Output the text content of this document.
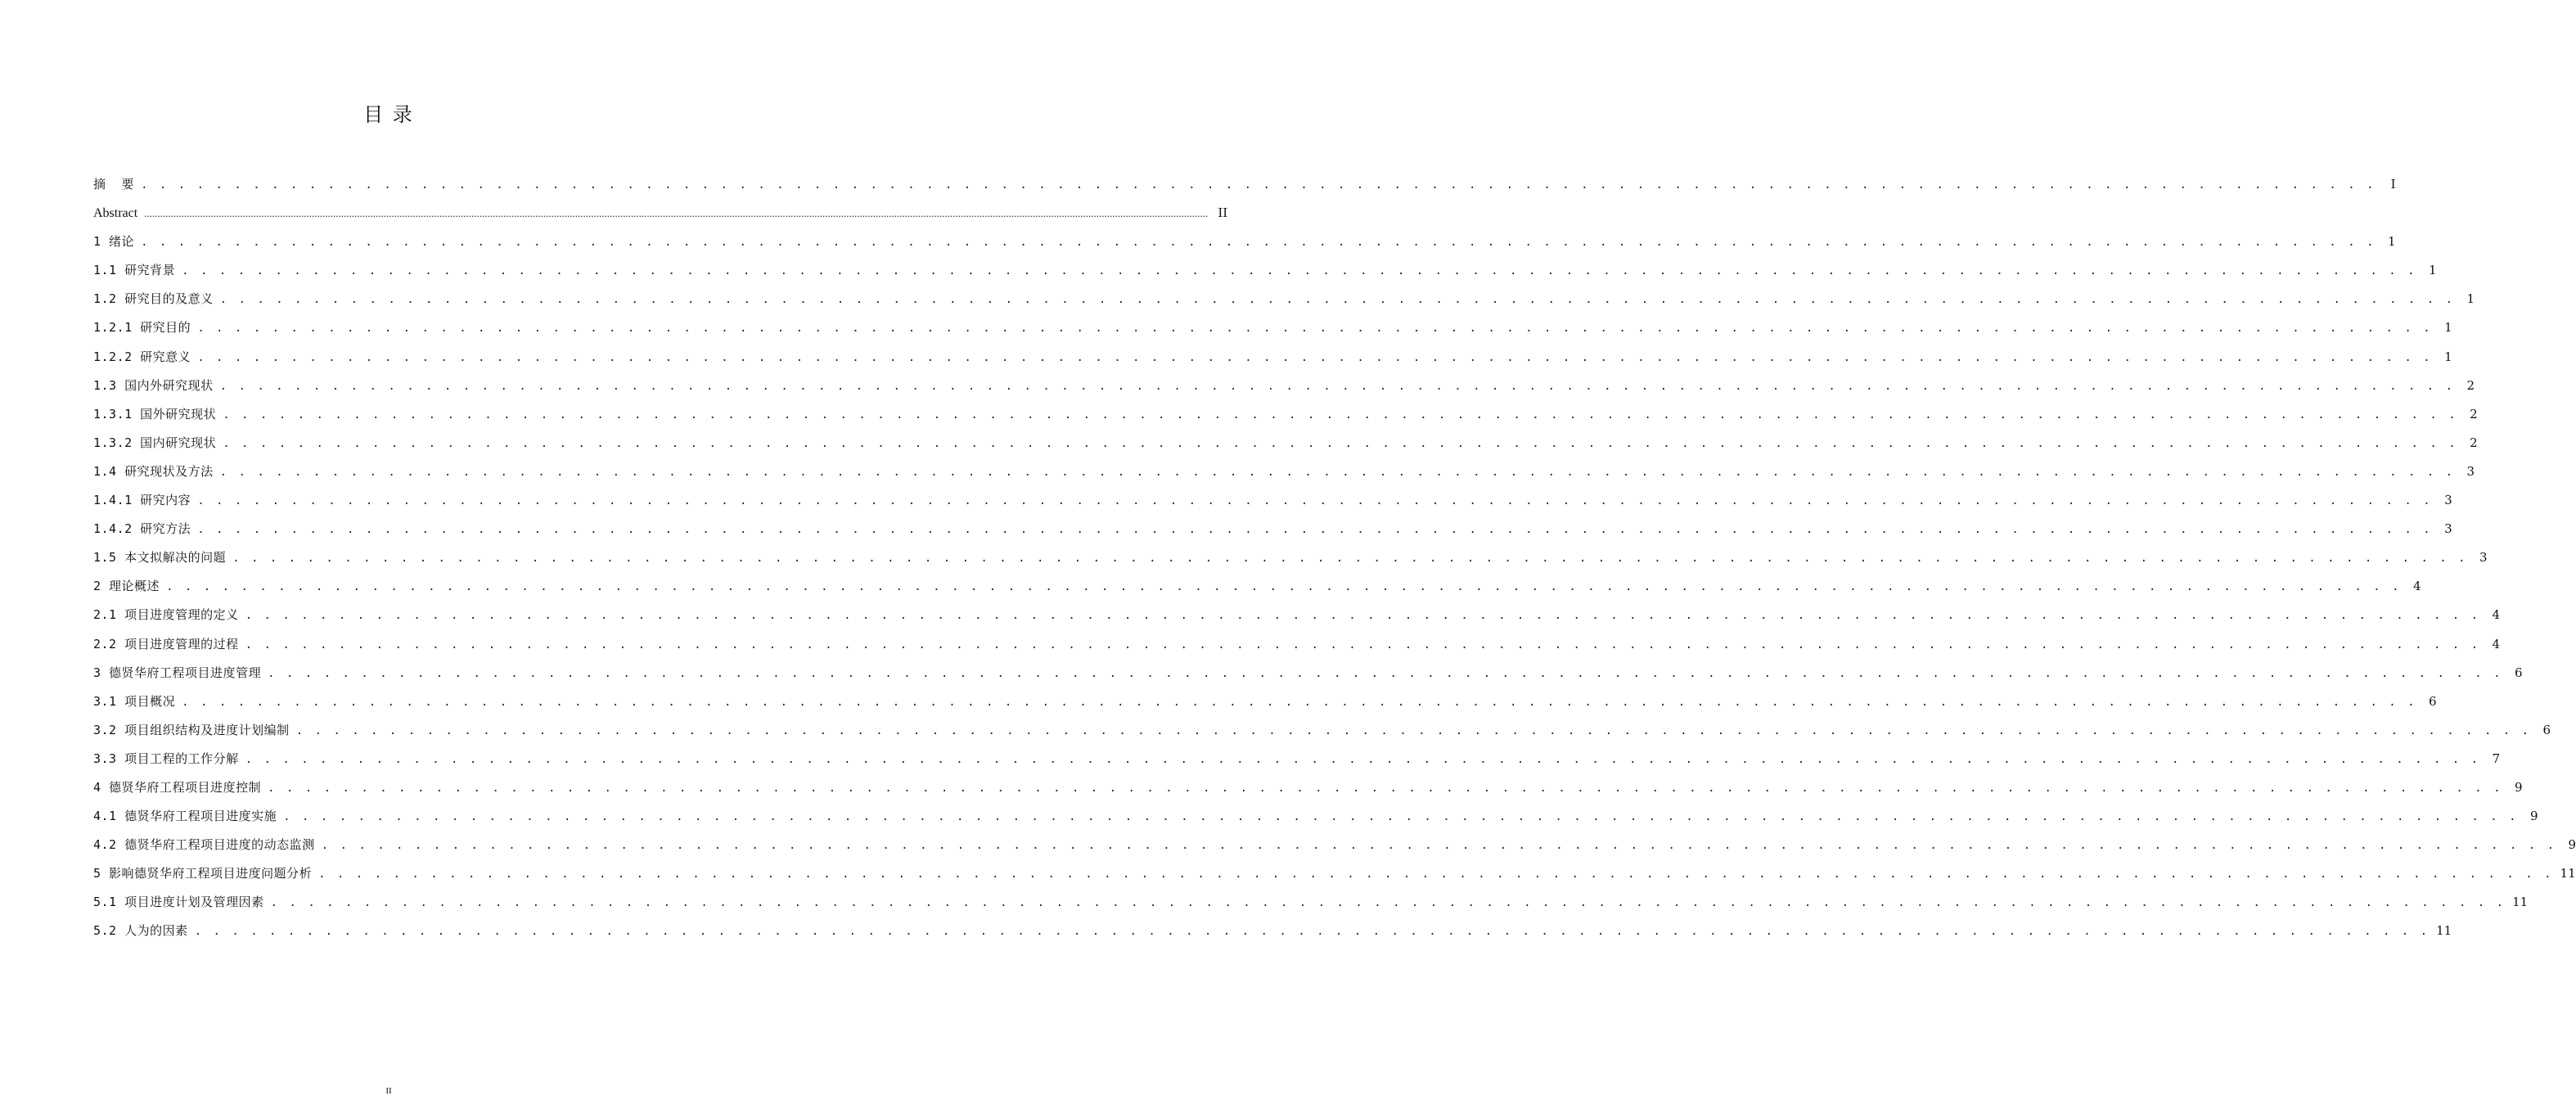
目 录
摘  要 . . . . . . . . . . . . . . . . . . . . . . . . . . . . . . . . . . . . . . . . . . . . . . . . . . . . . . . . . . . . . . . . . . . . . . . . . . . . . . . . . . . . . . . . . . . . . . . . . . . . . . . . . . . . . . . . . . . . . . . .	I
Abstract ................................................................................................................................................................................................................................................................................................................................................................................................................ II
1 绪论 . . . . . . . . . . . . . . . . . . . . . . . . . . . . . . . . . . . . . . . . . . . . . . . . . . . . . . . . . . . . . . . . . . . . . . . . . . . . . . . . . . . . . . . . . . . . . . . . . . . . . . . . . . . . . . . . . . . . . . . . 1
1.1 研究背景 . . . . . . . . . . . . . . . . . . . . . . . . . . . . . . . . . . . . . . . . . . . . . . . . . . . . . . . . . . . . . . . . . . . . . . . . . . . . . . . . . . . . . . . . . . . . . . . . . . . . . . . . . . . . . . . . . . . . . . . . 1
1.2 研究目的及意义 . . . . . . . . . . . . . . . . . . . . . . . . . . . . . . . . . . . . . . . . . . . . . . . . . . . . . . . . . . . . . . . . . . . . . . . . . . . . . . . . . . . . . . . . . . . . . . . . . . . . . . . . . . . . . . . . . . . . . . . . 1
1.2.1 研究目的 . . . . . . . . . . . . . . . . . . . . . . . . . . . . . . . . . . . . . . . . . . . . . . . . . . . . . . . . . . . . . . . . . . . . . . . . . . . . . . . . . . . . . . . . . . . . . . . . . . . . . . . . . . . . . . . . . . . . . . . . 1
1.2.2 研究意义 . . . . . . . . . . . . . . . . . . . . . . . . . . . . . . . . . . . . . . . . . . . . . . . . . . . . . . . . . . . . . . . . . . . . . . . . . . . . . . . . . . . . . . . . . . . . . . . . . . . . . . . . . . . . . . . . . . . . . . . . 1
1.3 国内外研究现状 . . . . . . . . . . . . . . . . . . . . . . . . . . . . . . . . . . . . . . . . . . . . . . . . . . . . . . . . . . . . . . . . . . . . . . . . . . . . . . . . . . . . . . . . . . . . . . . . . . . . . . . . . . . . . . . . . . . . . . . . 2
1.3.1 国外研究现状 . . . . . . . . . . . . . . . . . . . . . . . . . . . . . . . . . . . . . . . . . . . . . . . . . . . . . . . . . . . . . . . . . . . . . . . . . . . . . . . . . . . . . . . . . . . . . . . . . . . . . . . . . . . . . . . . . . . . . . . . 2
1.3.2 国内研究现状 . . . . . . . . . . . . . . . . . . . . . . . . . . . . . . . . . . . . . . . . . . . . . . . . . . . . . . . . . . . . . . . . . . . . . . . . . . . . . . . . . . . . . . . . . . . . . . . . . . . . . . . . . . . . . . . . . . . . . . . . 2
1.4 研究现状及方法 . . . . . . . . . . . . . . . . . . . . . . . . . . . . . . . . . . . . . . . . . . . . . . . . . . . . . . . . . . . . . . . . . . . . . . . . . . . . . . . . . . . . . . . . . . . . . . . . . . . . . . . . . . . . . . . . . . . . . . . . 3
1.4.1 研究内容 . . . . . . . . . . . . . . . . . . . . . . . . . . . . . . . . . . . . . . . . . . . . . . . . . . . . . . . . . . . . . . . . . . . . . . . . . . . . . . . . . . . . . . . . . . . . . . . . . . . . . . . . . . . . . . . . . . . . . . . . 3
1.4.2 研究方法 . . . . . . . . . . . . . . . . . . . . . . . . . . . . . . . . . . . . . . . . . . . . . . . . . . . . . . . . . . . . . . . . . . . . . . . . . . . . . . . . . . . . . . . . . . . . . . . . . . . . . . . . . . . . . . . . . . . . . . . . 3
1.5 本文拟解决的问题 . . . . . . . . . . . . . . . . . . . . . . . . . . . . . . . . . . . . . . . . . . . . . . . . . . . . . . . . . . . . . . . . . . . . . . . . . . . . . . . . . . . . . . . . . . . . . . . . . . . . . . . . . . . . . . . . . . . . . . . . 3
2 理论概述 . . . . . . . . . . . . . . . . . . . . . . . . . . . . . . . . . . . . . . . . . . . . . . . . . . . . . . . . . . . . . . . . . . . . . . . . . . . . . . . . . . . . . . . . . . . . . . . . . . . . . . . . . . . . . . . . . . . . . . . . 4
2.1 项目进度管理的定义 . . . . . . . . . . . . . . . . . . . . . . . . . . . . . . . . . . . . . . . . . . . . . . . . . . . . . . . . . . . . . . . . . . . . . . . . . . . . . . . . . . . . . . . . . . . . . . . . . . . . . . . . . . . . . . . . . . . . . . . . 4
2.2 项目进度管理的过程 . . . . . . . . . . . . . . . . . . . . . . . . . . . . . . . . . . . . . . . . . . . . . . . . . . . . . . . . . . . . . . . . . . . . . . . . . . . . . . . . . . . . . . . . . . . . . . . . . . . . . . . . . . . . . . . . . . . . . . . . 4
3 德贤华府工程项目进度管理 . . . . . . . . . . . . . . . . . . . . . . . . . . . . . . . . . . . . . . . . . . . . . . . . . . . . . . . . . . . . . . . . . . . . . . . . . . . . . . . . . . . . . . . . . . . . . . . . . . . . . . . . . . . . . . . . . . . . . . . . 6
3.1 项目概况 . . . . . . . . . . . . . . . . . . . . . . . . . . . . . . . . . . . . . . . . . . . . . . . . . . . . . . . . . . . . . . . . . . . . . . . . . . . . . . . . . . . . . . . . . . . . . . . . . . . . . . . . . . . . . . . . . . . . . . . . 6
3.2 项目组织结构及进度计划编制 . . . . . . . . . . . . . . . . . . . . . . . . . . . . . . . . . . . . . . . . . . . . . . . . . . . . . . . . . . . . . . . . . . . . . . . . . . . . . . . . . . . . . . . . . . . . . . . . . . . . . . . . . . . . . . . . . . . . . . . . 6
3.3 项目工程的工作分解 . . . . . . . . . . . . . . . . . . . . . . . . . . . . . . . . . . . . . . . . . . . . . . . . . . . . . . . . . . . . . . . . . . . . . . . . . . . . . . . . . . . . . . . . . . . . . . . . . . . . . . . . . . . . . . . . . . . . . . . . 7
4 德贤华府工程项目进度控制 . . . . . . . . . . . . . . . . . . . . . . . . . . . . . . . . . . . . . . . . . . . . . . . . . . . . . . . . . . . . . . . . . . . . . . . . . . . . . . . . . . . . . . . . . . . . . . . . . . . . . . . . . . . . . . . . . . . . . . . . 9
4.1 德贤华府工程项目进度实施 . . . . . . . . . . . . . . . . . . . . . . . . . . . . . . . . . . . . . . . . . . . . . . . . . . . . . . . . . . . . . . . . . . . . . . . . . . . . . . . . . . . . . . . . . . . . . . . . . . . . . . . . . . . . . . . . . . . . . . . . 9
4.2 德贤华府工程项目进度的动态监测 . . . . . . . . . . . . . . . . . . . . . . . . . . . . . . . . . . . . . . . . . . . . . . . . . . . . . . . . . . . . . . . . . . . . . . . . . . . . . . . . . . . . . . . . . . . . . . . . . . . . . . . . . . . . . . . . . . . . . . . . 9
5 影响德贤华府工程项目进度问题分析 . . . . . . . . . . . . . . . . . . . . . . . . . . . . . . . . . . . . . . . . . . . . . . . . . . . . . . . . . . . . . . . . . . . . . . . . . . . . . . . . . . . . . . . . . . . . . . . . . . . . . . . . . . . . . . . . . . . . . . . . 11
5.1 项目进度计划及管理因素 . . . . . . . . . . . . . . . . . . . . . . . . . . . . . . . . . . . . . . . . . . . . . . . . . . . . . . . . . . . . . . . . . . . . . . . . . . . . . . . . . . . . . . . . . . . . . . . . . . . . . . . . . . . . . . . . . . . . . . . . 11
5.2 人为的因素 . . . . . . . . . . . . . . . . . . . . . . . . . . . . . . . . . . . . . . . . . . . . . . . . . . . . . . . . . . . . . . . . . . . . . . . . . . . . . . . . . . . . . . . . . . . . . . . . . . . . . . . . . . . . . . . . . . . . . . . . 11
II
